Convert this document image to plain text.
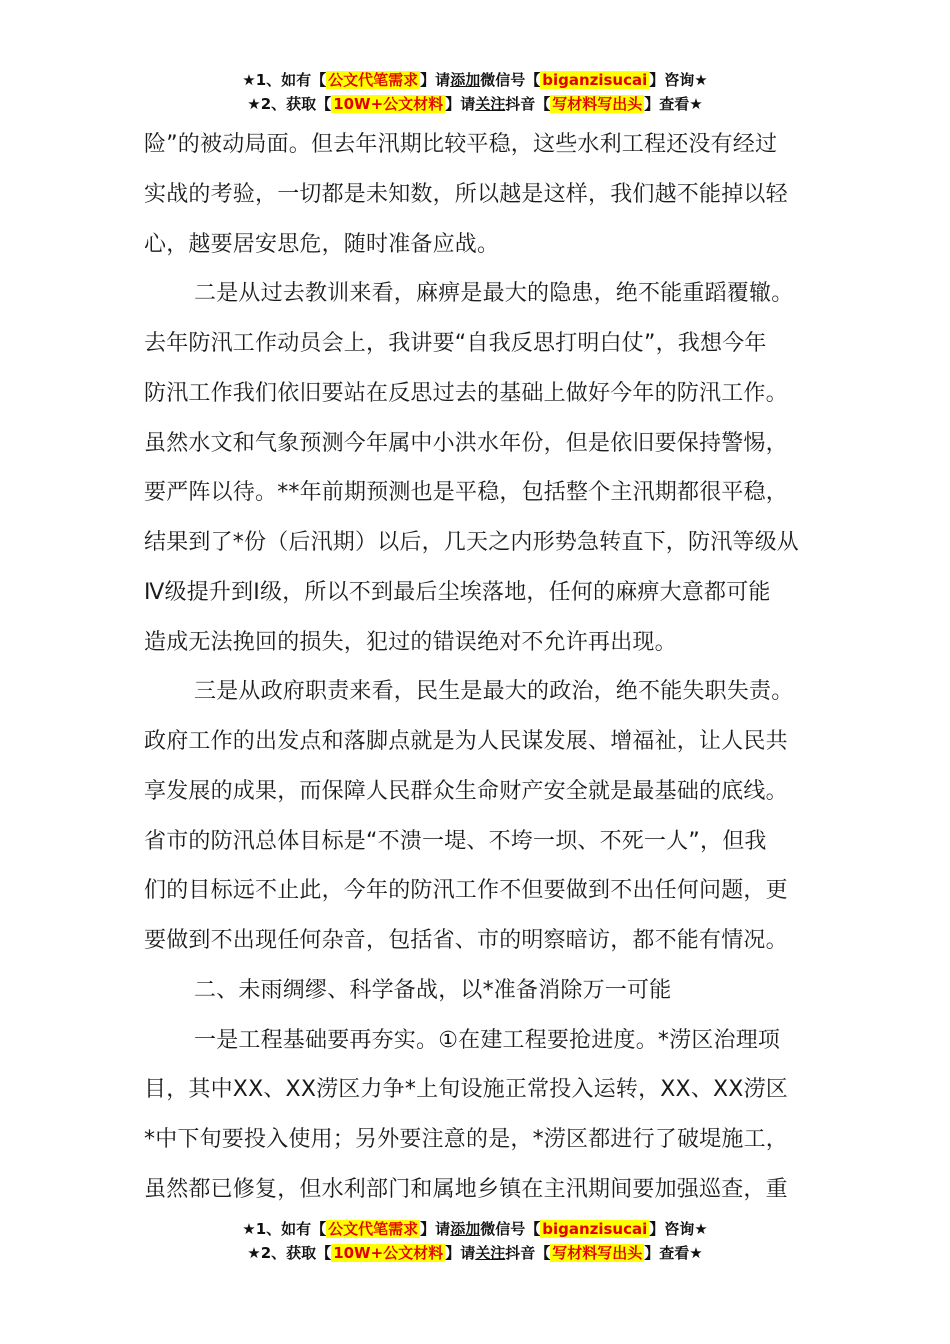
★1、如有【 公文代笔需求 】请添加微信号【 biganzisucai 】咨询★
★2、获取【 10W+公文材料 】请关注抖音【 写材料写出头 】查看★
险”的被动局面。但去年汛期比较平稳，这些水利工程还没有经过
实战的考验，一切都是未知数，所以越是这样，我们越不能掉以轻
心，越要居安思危，随时准备应战。
二是从过去教训来看，麻痹是最大的隐患，绝不能重蹈覆辙。
去年防汛工作动员会上，我讲要“自我反思打明白仗”，我想今年
防汛工作我们依旧要站在反思过去的基础上做好今年的防汛工作。
虽然水文和气象预测今年属中小洪水年份，但是依旧要保持警惕，
要严阵以待。**年前期预测也是平稳，包括整个主汛期都很平稳，
结果到了*份（后汛期）以后，几天之内形势急转直下，防汛等级从
Ⅳ级提升到Ⅰ级，所以不到最后尘埃落地，任何的麻痹大意都可能
造成无法挽回的损失，犯过的错误绝对不允许再出现。
三是从政府职责来看，民生是最大的政治，绝不能失职失责。
政府工作的出发点和落脚点就是为人民谋发展、增福祉，让人民共
享发展的成果，而保障人民群众生命财产安全就是最基础的底线。
省市的防汛总体目标是“不溃一堤、不垮一坝、不死一人”，但我
们的目标远不止此，今年的防汛工作不但要做到不出任何问题，更
要做到不出现任何杂音，包括省、市的明察暗访，都不能有情况。
二、未雨绸缪、科学备战，以*准备消除万一可能
一是工程基础要再夯实。①在建工程要抢进度。*涝区治理项
目，其中XX、XX涝区力争*上旬设施正常投入运转，XX、XX涝区
*中下旬要投入使用；另外要注意的是，*涝区都进行了破堤施工，
虽然都已修复，但水利部门和属地乡镇在主汛期间要加强巡查，重
★1、如有【 公文代笔需求 】请添加微信号【 biganzisucai 】咨询★
★2、获取【 10W+公文材料 】请关注抖音【 写材料写出头 】查看★
